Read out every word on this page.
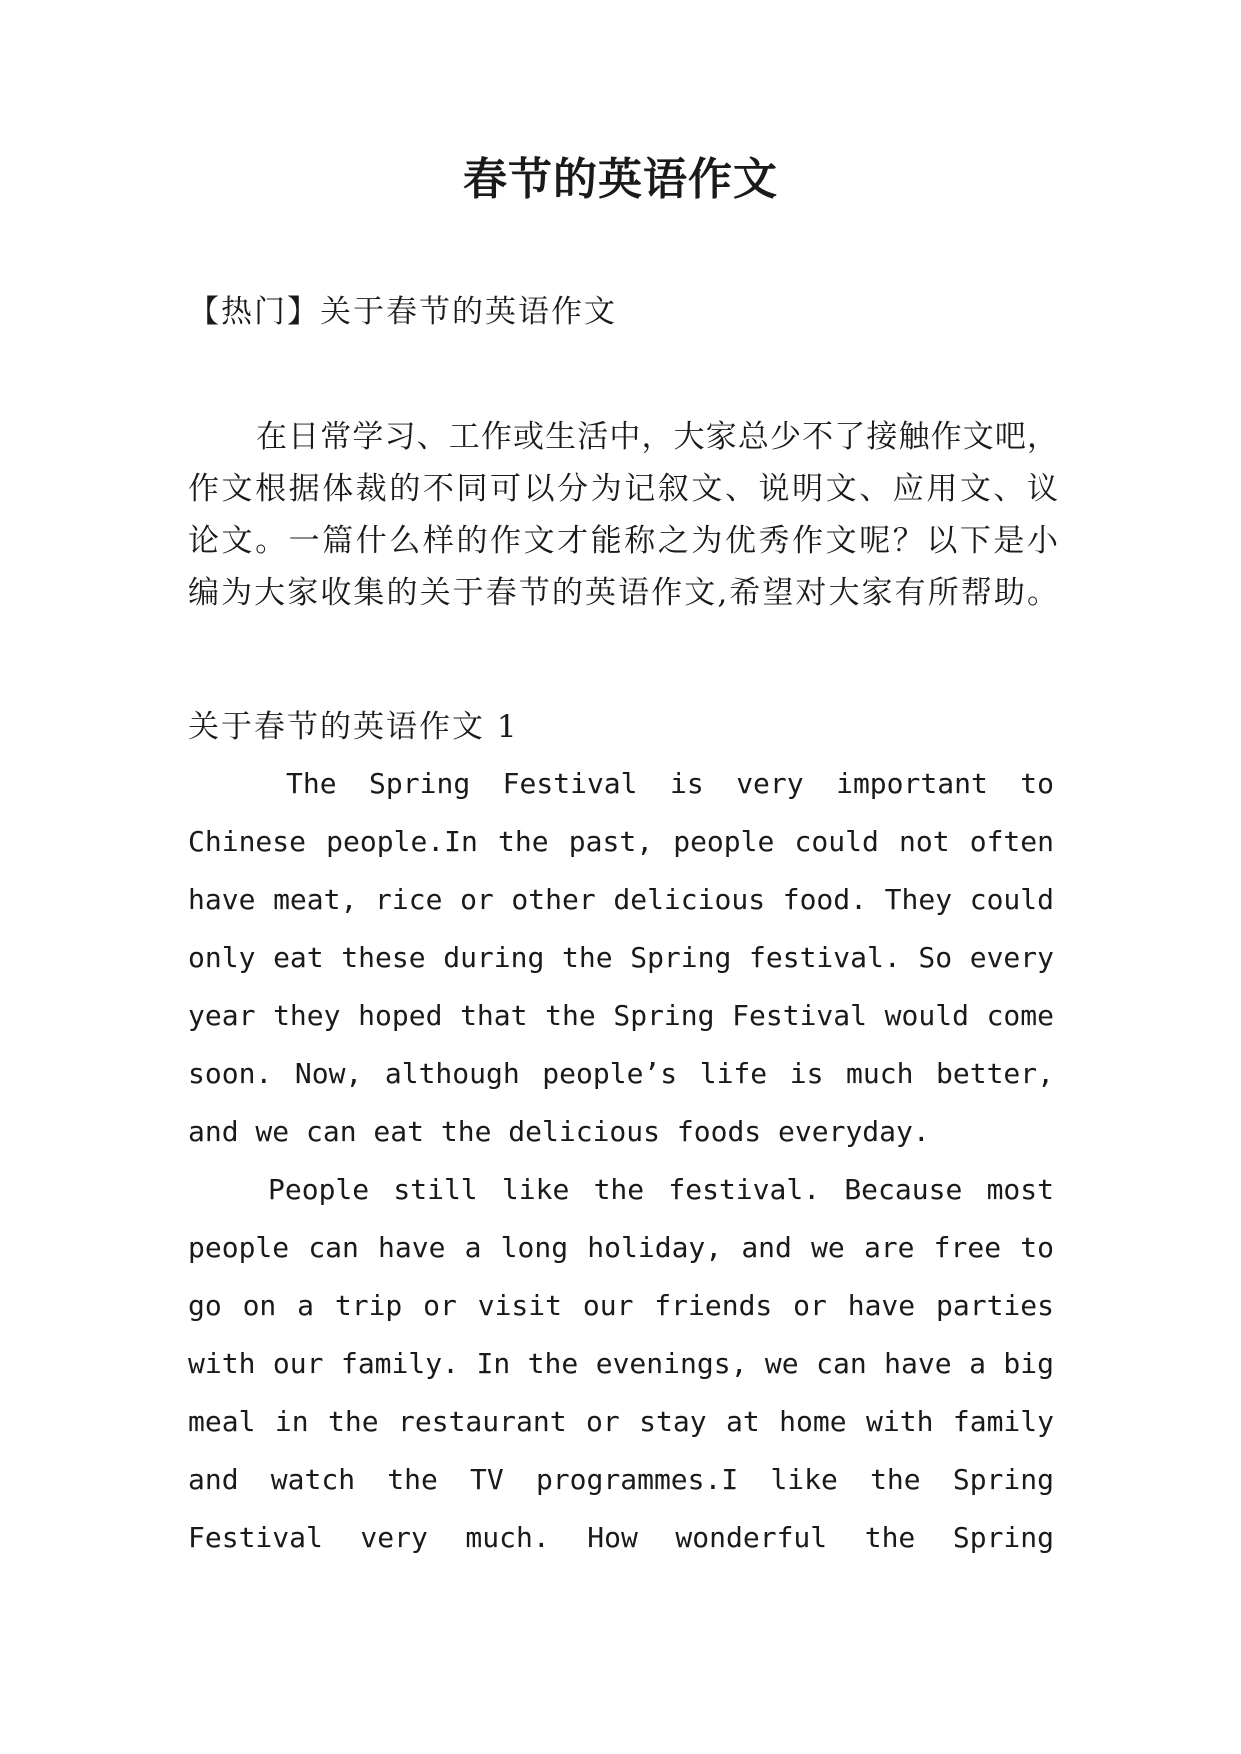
春节的英语作文
【热门】关于春节的英语作文
在日常学习、工作或生活中，大家总少不了接触作文吧，
作文根据体裁的不同可以分为记叙文、说明文、应用文、议
论文。一篇什么样的作文才能称之为优秀作文呢？以下是小
编为大家收集的关于春节的英语作文,希望对大家有所帮助。
关于春节的英语作文 1
The Spring Festival is very important to
Chinese people.In the past, people could not often
have meat, rice or other delicious food. They could
only eat these during the Spring festival. So every
year they hoped that the Spring Festival would come
soon. Now, although people’s life is much better,
and we can eat the delicious foods everyday.
People still like the festival. Because most
people can have a long holiday, and we are free to
go on a trip or visit our friends or have parties
with our family. In the evenings, we can have a big
meal in the restaurant or stay at home with family
and watch the TV programmes.I like the Spring
Festival very much. How wonderful the Spring
